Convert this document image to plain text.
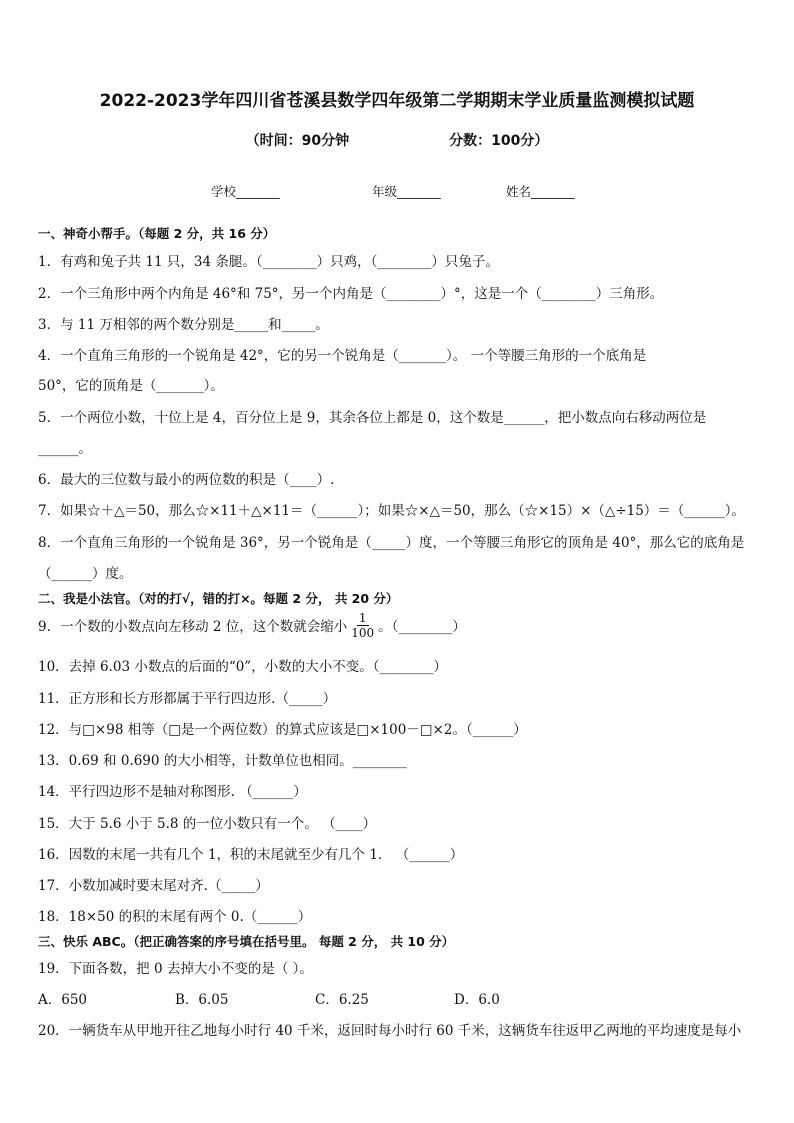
2022-2023学年四川省苍溪县数学四年级第二学期期末学业质量监测模拟试题
（时间：90分钟	分数：100分）
学校_______	年级_______	姓名_______
一、神奇小帮手。（每题 2 分，共 16 分）
1．有鸡和兔子共 11 只，34 条腿。（________）只鸡，（________）只兔子。
2．一个三角形中两个内角是 46°和 75°，另一个内角是（________）°，这是一个（________）三角形。
3．与 11 万相邻的两个数分别是_____和_____。
4．一个直角三角形的一个锐角是 42°，它的另一个锐角是（_______）。 一个等腰三角形的一个底角是
50°，它的顶角是（_______）。
5．一个两位小数，十位上是 4，百分位上是 9，其余各位上都是 0，这个数是______，把小数点向右移动两位是
______。
6．最大的三位数与最小的两位数的积是（____）.
7．如果☆＋△＝50，那么☆×11＋△×11＝（______）；如果☆×△＝50，那么（☆×15）×（△÷15）＝（______）。
8．一个直角三角形的一个锐角是 36°，另一个锐角是（_____）度，一个等腰三角形它的顶角是 40°，那么它的底角是
（______）度。
二、我是小法官。（对的打√，错的打×。每题 2 分， 共 20 分）
9．一个数的小数点向左移动 2 位，这个数就会缩小 $\frac{1}{100}$ 。（________）
10．去掉 6.03 小数点的后面的“0”，小数的大小不变。（________）
11．正方形和长方形都属于平行四边形.（_____）
12．与□×98 相等（□是一个两位数）的算式应该是□×100－□×2。（______）
13．0.69 和 0.690 的大小相等，计数单位也相同。________
14．平行四边形不是轴对称图形. （______）
15．大于 5.6 小于 5.8 的一位小数只有一个。 （____）
16．因数的末尾一共有几个 1，积的末尾就至少有几个 1． （______）
17．小数加减时要末尾对齐.（_____）
18．18×50 的积的末尾有两个 0.（______）
三、快乐 ABC。（把正确答案的序号填在括号里。 每题 2 分， 共 10 分）
19．下面各数，把 0 去掉大小不变的是（ ）。
A．650	B．6.05	C．6.25	D．6.0
20．一辆货车从甲地开往乙地每小时行 40 千米，返回时每小时行 60 千米，这辆货车往返甲乙两地的平均速度是每小
